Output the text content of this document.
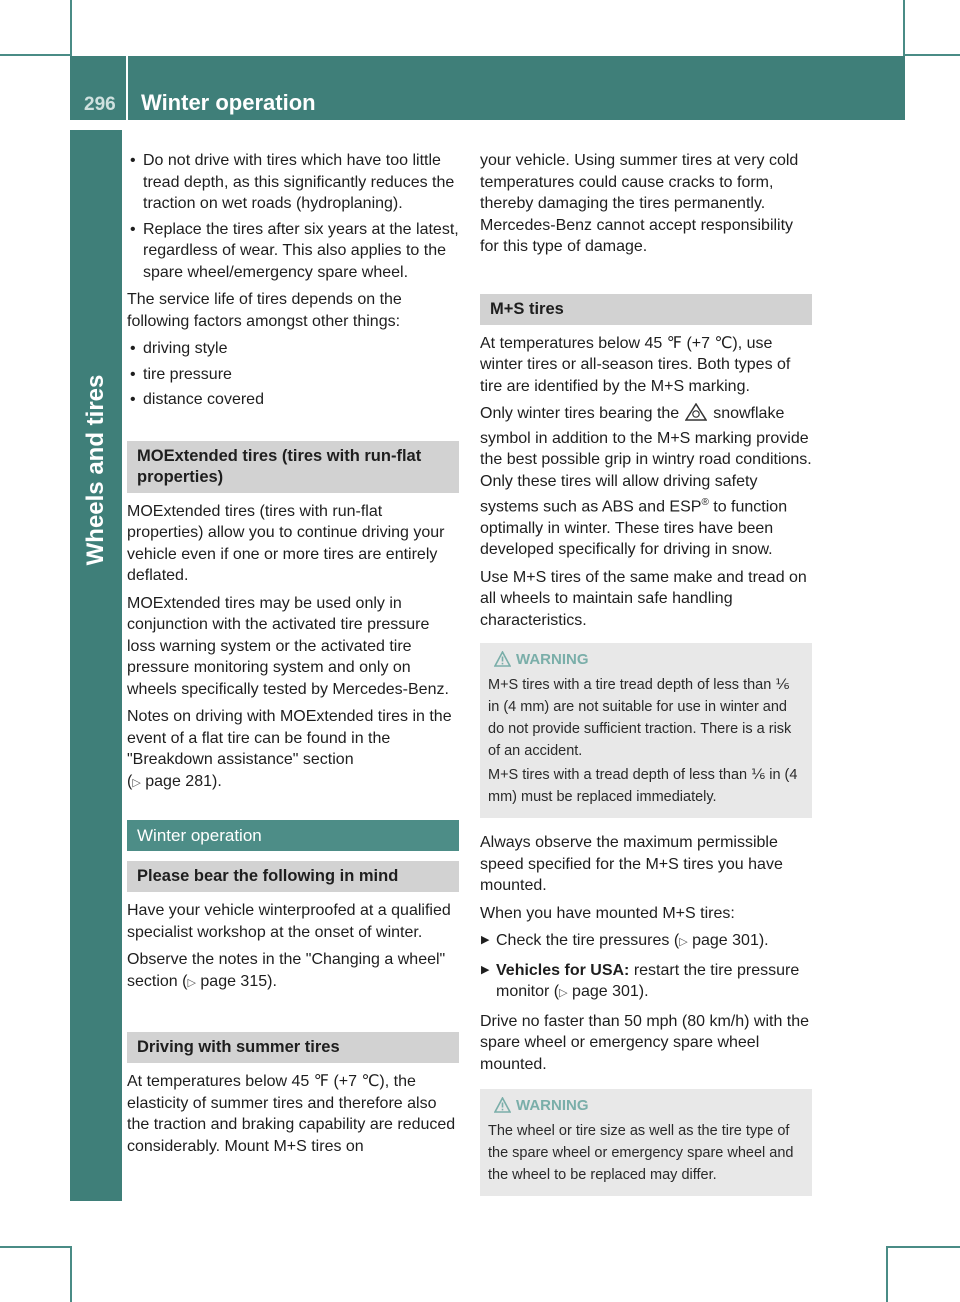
296	Winter operation
Wheels and tires
• Do not drive with tires which have too little tread depth, as this significantly reduces the traction on wet roads (hydroplaning).
• Replace the tires after six years at the latest, regardless of wear. This also applies to the spare wheel/emergency spare wheel.

The service life of tires depends on the following factors amongst other things:

• driving style
• tire pressure
• distance covered
MOExtended tires (tires with run-flat properties)

MOExtended tires (tires with run-flat properties) allow you to continue driving your vehicle even if one or more tires are entirely deflated.

MOExtended tires may be used only in conjunction with the activated tire pressure loss warning system or the activated tire pressure monitoring system and only on wheels specifically tested by Mercedes-Benz.

Notes on driving with MOExtended tires in the event of a flat tire can be found in the "Breakdown assistance" section
(▷ page 281).

Winter operation
Please bear the following in mind

Have your vehicle winterproofed at a qualified specialist workshop at the onset of winter.

Observe the notes in the "Changing a wheel" section (▷ page 315).

Driving with summer tires

At temperatures below 45 ℉ (+7 ℃), the elasticity of summer tires and therefore also the traction and braking capability are reduced considerably. Mount M+S tires on

your vehicle. Using summer tires at very cold temperatures could cause cracks to form, thereby damaging the tires permanently. Mercedes-Benz cannot accept responsibility for this type of damage.

M+S tires

At temperatures below 45 ℉ (+7 ℃), use winter tires or all-season tires. Both types of tire are identified by the M+S marking.

Only winter tires bearing the snowflake symbol in addition to the M+S marking provide the best possible grip in wintry road conditions. Only these tires will allow driving safety systems such as ABS and ESP® to function optimally in winter. These tires have been developed specifically for driving in snow.

Use M+S tires of the same make and tread on all wheels to maintain safe handling characteristics.

WARNING

M+S tires with a tire tread depth of less than ⅙ in (4 mm) are not suitable for use in winter and do not provide sufficient traction. There is a risk of an accident.

M+S tires with a tread depth of less than ⅙ in (4 mm) must be replaced immediately.

Always observe the maximum permissible speed specified for the M+S tires you have mounted.

When you have mounted M+S tires:

▶ Check the tire pressures (▷ page 301).
▶ Vehicles for USA: restart the tire pressure monitor (▷ page 301).

Drive no faster than 50 mph (80 km/h) with the spare wheel or emergency spare wheel mounted.

WARNING

The wheel or tire size as well as the tire type of the spare wheel or emergency spare wheel and the wheel to be replaced may differ.
